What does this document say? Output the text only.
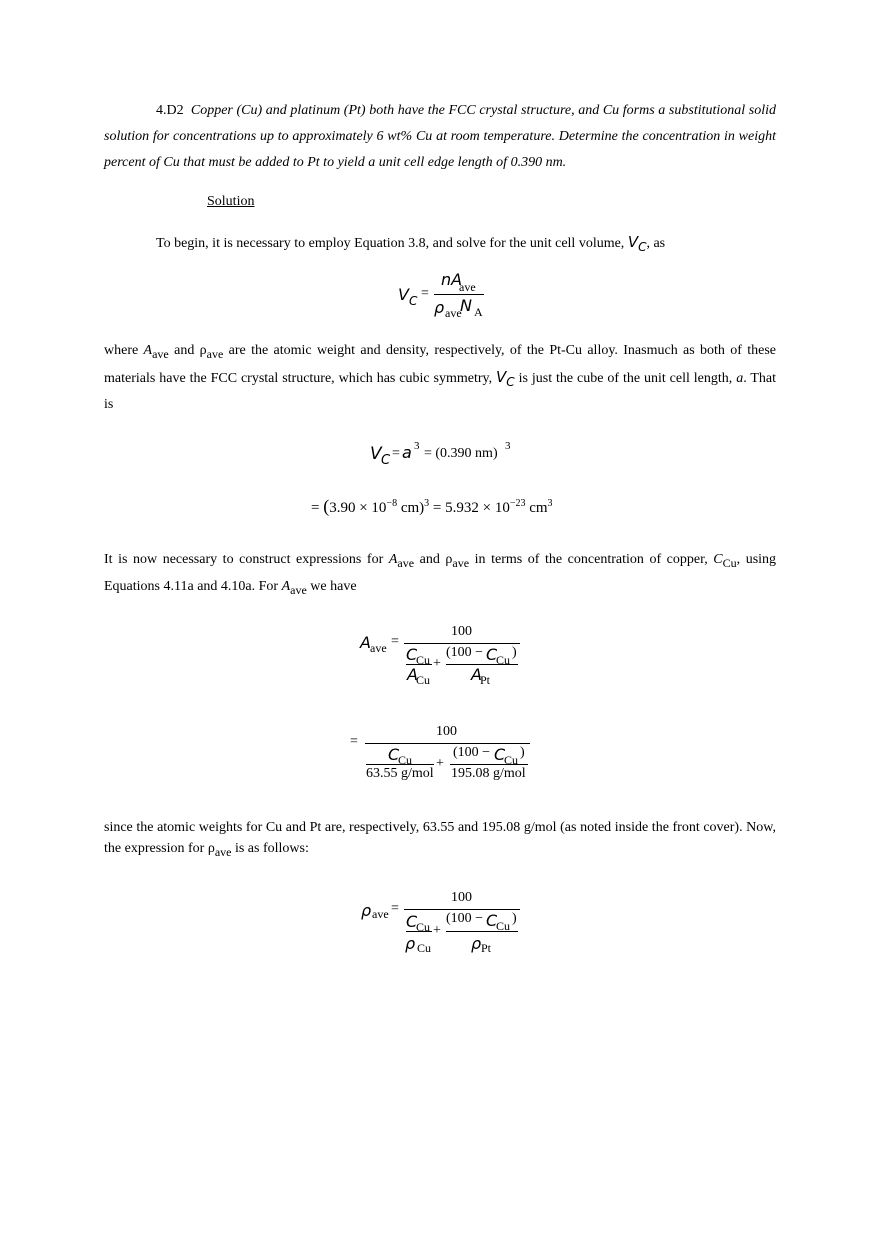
4.D2 Copper (Cu) and platinum (Pt) both have the FCC crystal structure, and Cu forms a substitutional solid solution for concentrations up to approximately 6 wt% Cu at room temperature. Determine the concentration in weight percent of Cu that must be added to Pt to yield a unit cell edge length of 0.390 nm.
Solution
To begin, it is necessary to employ Equation 3.8, and solve for the unit cell volume, VC, as
V C =
nA
ave
ρ ave
N A
where Aave and ρave are the atomic weight and density, respectively, of the Pt-Cu alloy. Inasmuch as both of these materials have the FCC crystal structure, which has cubic symmetry, VC is just the cube of the unit cell length, a. That is
V C = a 3 = (0.390 nm) 3
= ($3.90 \times 10^{-8}$ $cm)^3 = 5.932 \times 10^{-23}$ $cm^3$
It is now necessary to construct expressions for Aave and ρave in terms of the concentration of copper, CCu, using Equations 4.11a and 4.10a. For Aave we have
A ave =
100
C
Cu
A
Cu
+
(100 − C
Cu )
A
Pt
=
100
C
Cu
63.55 g/mol
+
(100 − C
Cu )
195.08 g/mol
since the atomic weights for Cu and Pt are, respectively, 63.55 and 195.08 g/mol (as noted inside the front cover). Now, the expression for ρave is as follows:
ρ ave =
100
C
Cu
ρ Cu
+
(100 − C
Cu )
ρ Pt
